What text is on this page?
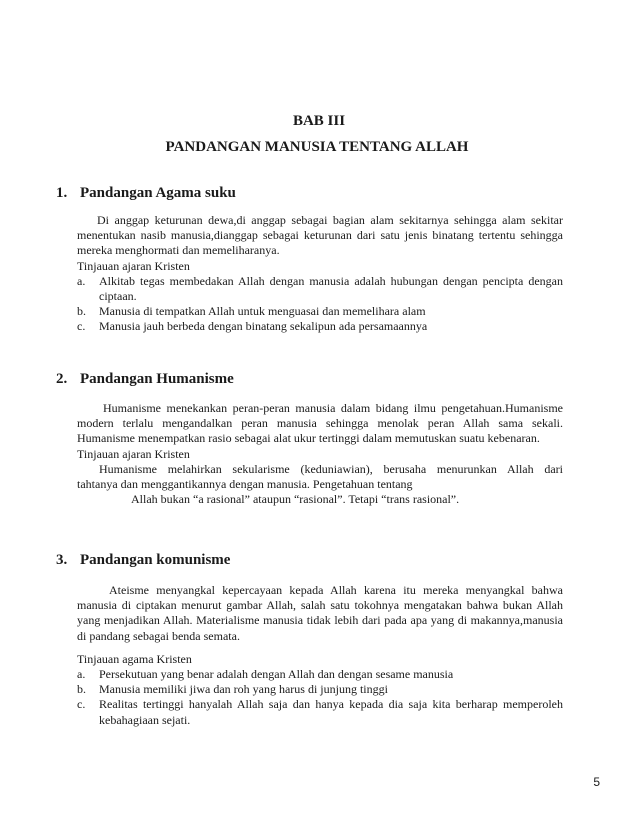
BAB III
PANDANGAN MANUSIA TENTANG ALLAH
1. Pandangan Agama suku

Di anggap keturunan dewa,di anggap sebagai bagian alam sekitarnya sehingga alam sekitar menentukan nasib manusia,dianggap sebagai keturunan dari satu jenis binatang tertentu sehingga mereka menghormati dan memeliharanya.

Tinjauan ajaran Kristen

a.	Alkitab tegas membedakan Allah dengan manusia adalah hubungan dengan pencipta dengan ciptaan.
b.	Manusia di tempatkan Allah untuk menguasai dan memelihara alam
c.	Manusia jauh berbeda dengan binatang sekalipun ada persamaannya
2. Pandangan Humanisme

Humanisme menekankan peran-peran manusia dalam bidang ilmu pengetahuan.Humanisme modern terlalu mengandalkan peran manusia sehingga menolak peran Allah sama sekali. Humanisme menempatkan rasio sebagai alat ukur tertinggi dalam memutuskan suatu kebenaran.

Tinjauan ajaran Kristen

Humanisme melahirkan sekularisme (keduniawian), berusaha menurunkan Allah dari

tahtanya dan menggantikannya dengan manusia. Pengetahuan tentang

Allah bukan “a rasional” ataupun “rasional”. Tetapi “trans rasional”.

3. Pandangan komunisme

Ateisme menyangkal kepercayaan kepada Allah karena itu mereka menyangkal bahwa manusia di ciptakan menurut gambar Allah, salah satu tokohnya mengatakan bahwa bukan Allah yang menjadikan Allah. Materialisme manusia tidak lebih dari pada apa yang di makannya,manusia di pandang sebagai benda semata.

Tinjauan agama Kristen

a.	Persekutuan yang benar adalah dengan Allah dan dengan sesame manusia
b.	Manusia memiliki jiwa dan roh yang harus di junjung tinggi
c.	Realitas tertinggi hanyalah Allah saja dan hanya kepada dia saja kita berharap memperoleh kebahagiaan sejati.
5
